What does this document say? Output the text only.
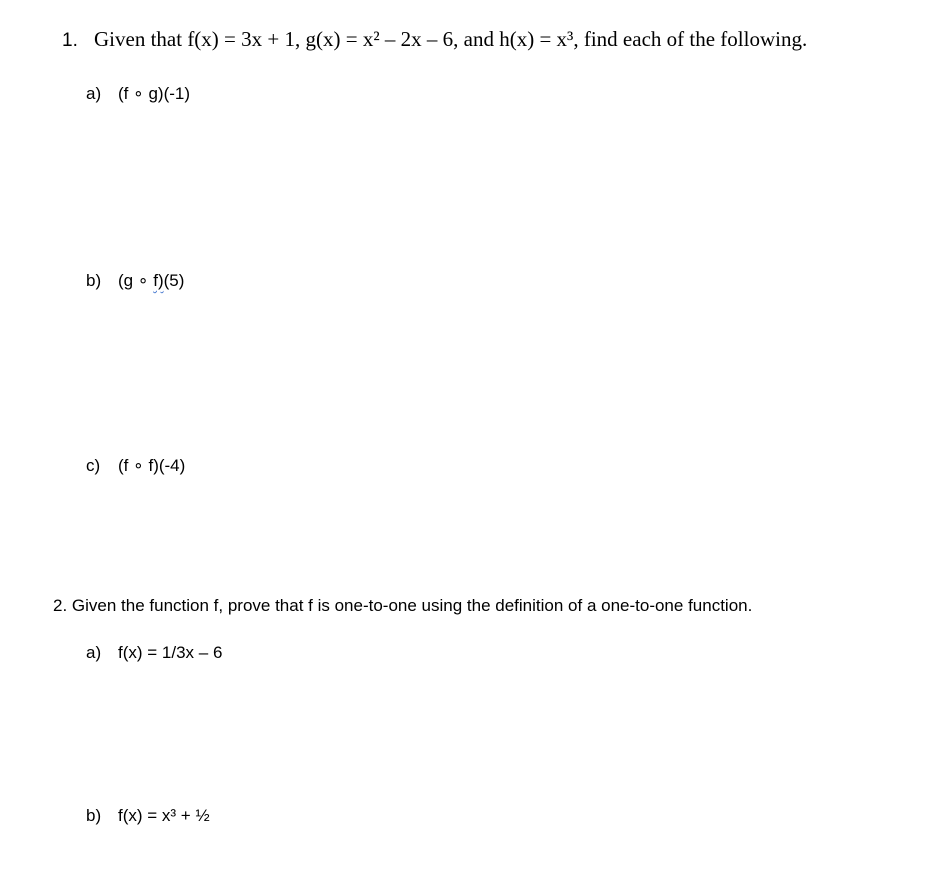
1. Given that f(x) = 3x + 1, g(x) = x² – 2x – 6, and h(x) = x³, find each of the following.
a) (f ∘ g)(-1)
b) (g ∘ f)(5)
c) (f ∘ f)(-4)
2. Given the function f, prove that f is one-to-one using the definition of a one-to-one function.
a) f(x) = 1/3x – 6
b) f(x) = x³ + ½
